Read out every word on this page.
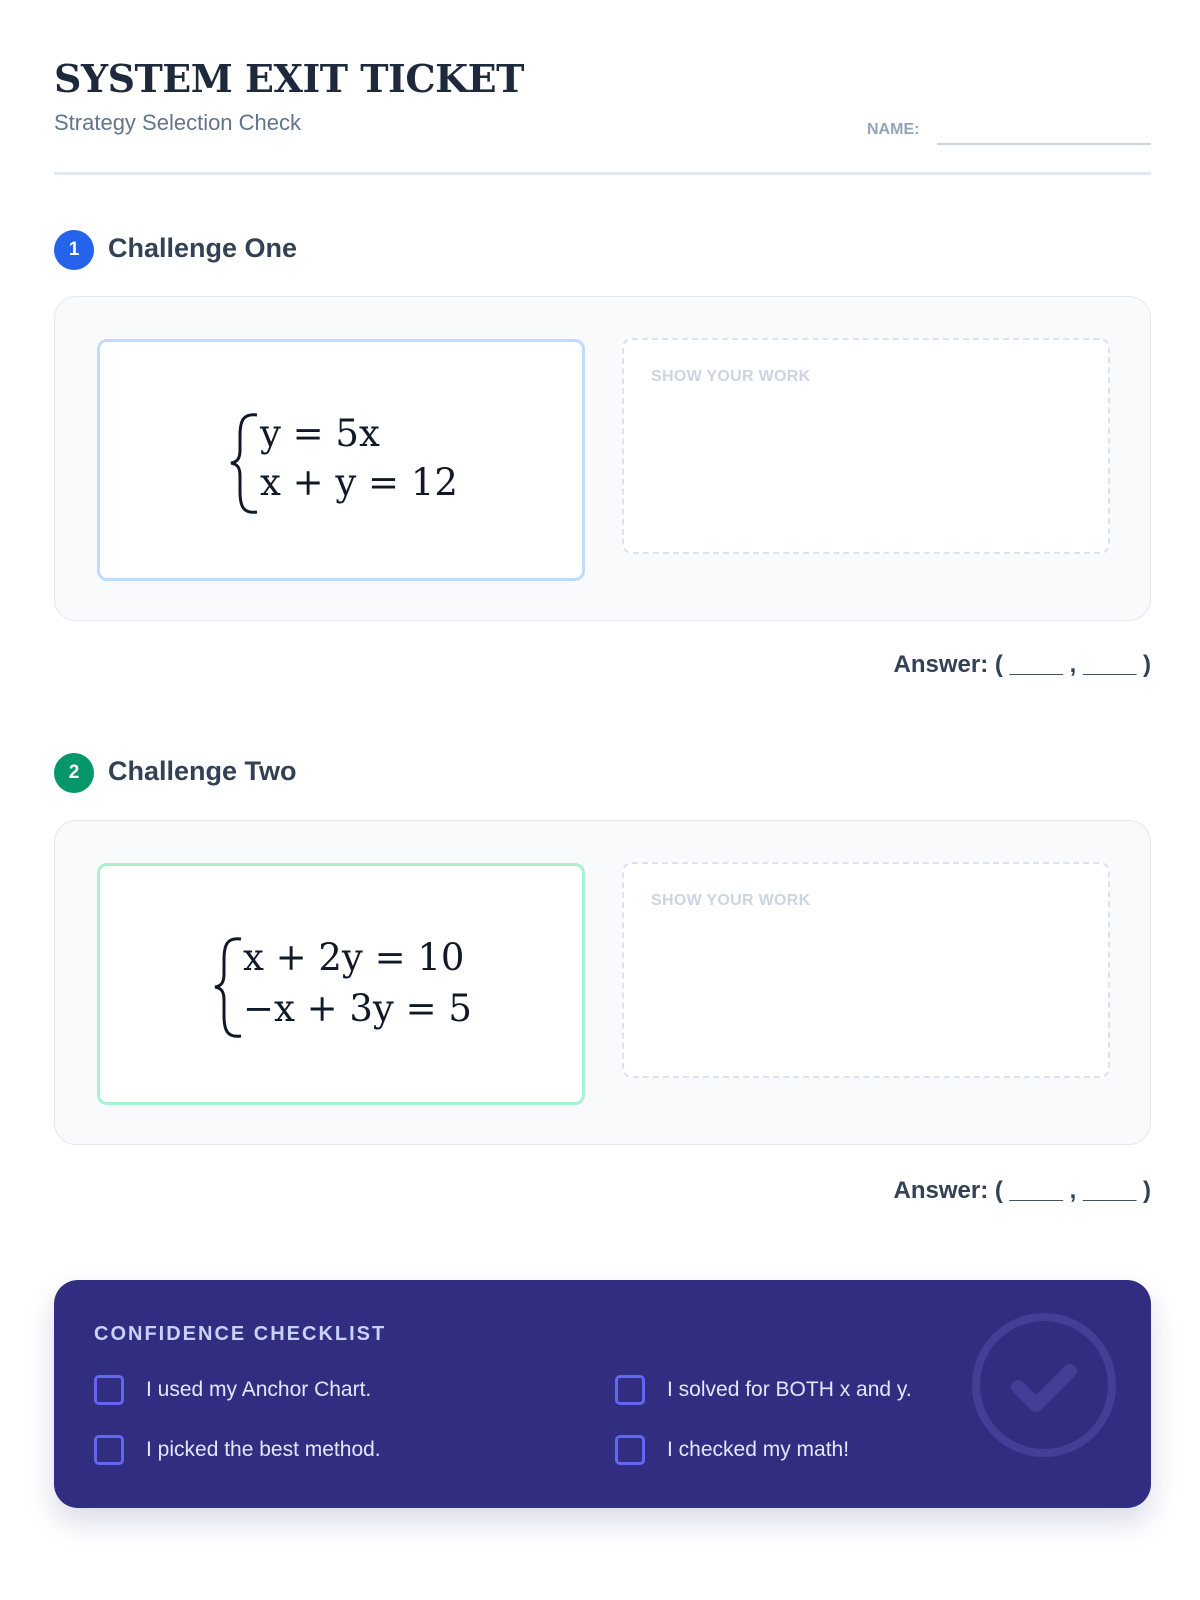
SYSTEM EXIT TICKET
Strategy Selection Check	NAME:
1	Challenge One
y = 5x
x + y = 12
SHOW YOUR WORK
Answer: ( ____ , ____ )
2	Challenge Two
x + 2y = 10
−x + 3y = 5
SHOW YOUR WORK
Answer: ( ____ , ____ )
CONFIDENCE CHECKLIST
I used my Anchor Chart.	I solved for BOTH x and y.
I picked the best method.	I checked my math!
